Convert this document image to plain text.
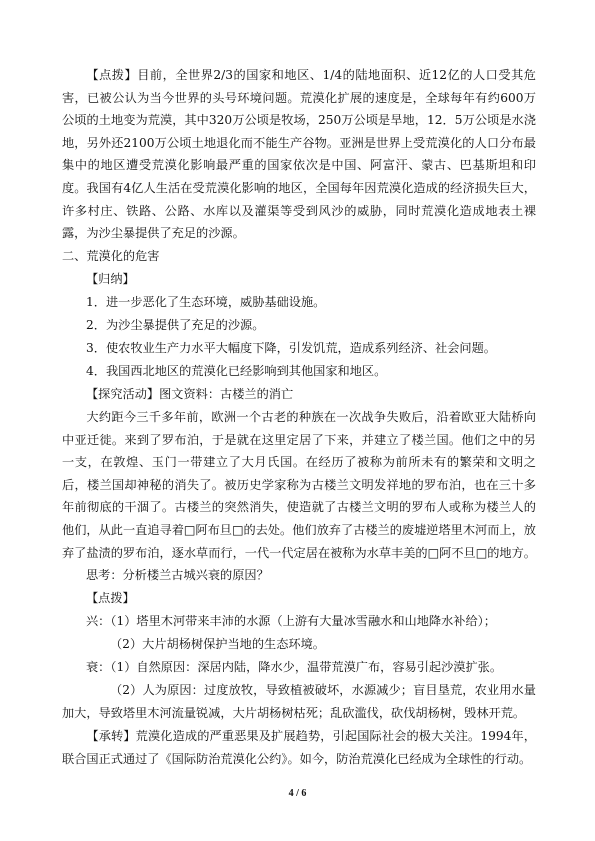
【点拨】目前，全世界2/3的国家和地区、1/4的陆地面积、近12亿的人口受其危害，已被公认为当今世界的头号环境问题。荒漠化扩展的速度是，全球每年有约600万公顷的土地变为荒漠，其中320万公顷是牧场，250万公顷是旱地，12．5万公顷是水浇地，另外还2100万公顷土地退化而不能生产谷物。亚洲是世界上受荒漠化的人口分布最集中的地区遭受荒漠化影响最严重的国家依次是中国、阿富汗、蒙古、巴基斯坦和印度。我国有4亿人生活在受荒漠化影响的地区，全国每年因荒漠化造成的经济损失巨大，许多村庄、铁路、公路、水库以及灌渠等受到风沙的威胁，同时荒漠化造成地表土裸露，为沙尘暴提供了充足的沙源。

二、荒漠化的危害

【归纳】

1．进一步恶化了生态环境，威胁基础设施。

2．为沙尘暴提供了充足的沙源。

3．使农牧业生产力水平大幅度下降，引发饥荒，造成系列经济、社会问题。

4．我国西北地区的荒漠化已经影响到其他国家和地区。

【探究活动】图文资料：古楼兰的消亡

大约距今三千多年前，欧洲一个古老的种族在一次战争失败后，沿着欧亚大陆桥向中亚迁徙。来到了罗布泊，于是就在这里定居了下来，并建立了楼兰国。他们之中的另一支，在敦煌、玉门一带建立了大月氏国。在经历了被称为前所未有的繁荣和文明之后，楼兰国却神秘的消失了。被历史学家称为古楼兰文明发祥地的罗布泊，也在三十多年前彻底的干涸了。古楼兰的突然消失，使造就了古楼兰文明的罗布人或称为楼兰人的他们，从此一直追寻着□阿布旦□的去处。他们放弃了古楼兰的废墟逆塔里木河而上，放弃了盐渍的罗布泊，逐水草而行，一代一代定居在被称为水草丰美的□阿不旦□的地方。

思考：分析楼兰古城兴衰的原因？

【点拨】

兴：（1）塔里木河带来丰沛的水源（上游有大量冰雪融水和山地降水补给）；

（2）大片胡杨树保护当地的生态环境。

衰：（1）自然原因：深居内陆，降水少，温带荒漠广布，容易引起沙漠扩张。

（2）人为原因：过度放牧，导致植被破坏，水源减少；盲目垦荒，农业用水量加大，导致塔里木河流量锐减，大片胡杨树枯死；乱砍滥伐，砍伐胡杨树，毁林开荒。

【承转】荒漠化造成的严重恶果及扩展趋势，引起国际社会的极大关注。1994年，联合国正式通过了《国际防治荒漠化公约》。如今，防治荒漠化已经成为全球性的行动。

4 / 6
